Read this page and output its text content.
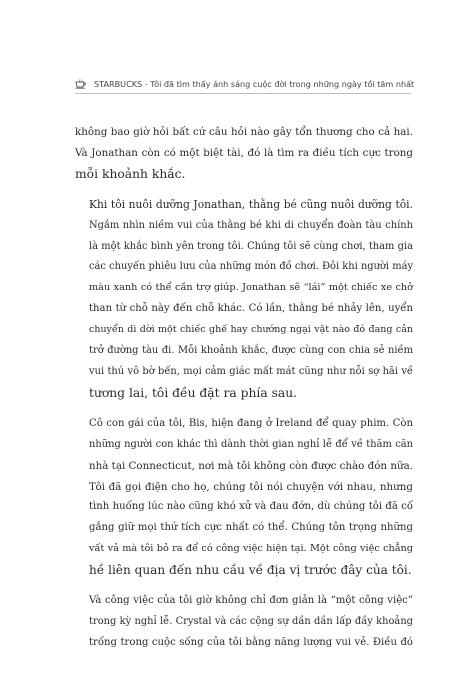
STARBUCKS - Tôi đã tìm thấy ánh sáng cuộc đời trong những ngày tồi tăm nhất

không bao giờ hỏi bất cứ câu hỏi nào gây tổn thương cho cả hai.
Và Jonathan còn có một biệt tài, đó là tìm ra điều tích cực trong
mỗi khoảnh khắc.

Khi tôi nuôi dưỡng Jonathan, thằng bé cũng nuôi dưỡng tôi.
Ngắm nhìn niềm vui của thằng bé khi di chuyển đoàn tàu chính
là một khắc bình yên trong tôi. Chúng tôi sẽ cùng chơi, tham gia
các chuyến phiêu lưu của những món đồ chơi. Đôi khi người máy
màu xanh có thể cần trợ giúp. Jonathan sẽ “lái” một chiếc xe chở
than từ chỗ này đến chỗ khác. Có lần, thằng bé nhảy lên, uyển
chuyển di dời một chiếc ghế hay chướng ngại vật nào đó đang cản
trở đường tàu đi. Mỗi khoảnh khắc, được cùng con chia sẻ niềm
vui thú vô bờ bến, mọi cảm giác mất mát cũng như nỗi sợ hãi về
tương lai, tôi đều đặt ra phía sau.

Cô con gái của tôi, Bis, hiện đang ở Ireland để quay phim. Còn
những người con khác thì dành thời gian nghỉ lễ để về thăm căn
nhà tại Connecticut, nơi mà tôi không còn được chào đón nữa.
Tôi đã gọi điện cho họ, chúng tôi nói chuyện với nhau, nhưng
tình huống lúc nào cũng khó xử và đau đớn, dù chúng tôi đã cố
gắng giữ mọi thứ tích cực nhất có thể. Chúng tôn trọng những
vất vả mà tôi bỏ ra để có công việc hiện tại. Một công việc chẳng
hề liên quan đến nhu cầu về địa vị trước đây của tôi.

Và công việc của tôi giờ không chỉ đơn giản là “một công việc”
trong kỳ nghỉ lễ. Crystal và các cộng sự dần dần lấp đầy khoảng
trống trong cuộc sống của tôi bằng năng lượng vui vẻ. Điều đó
